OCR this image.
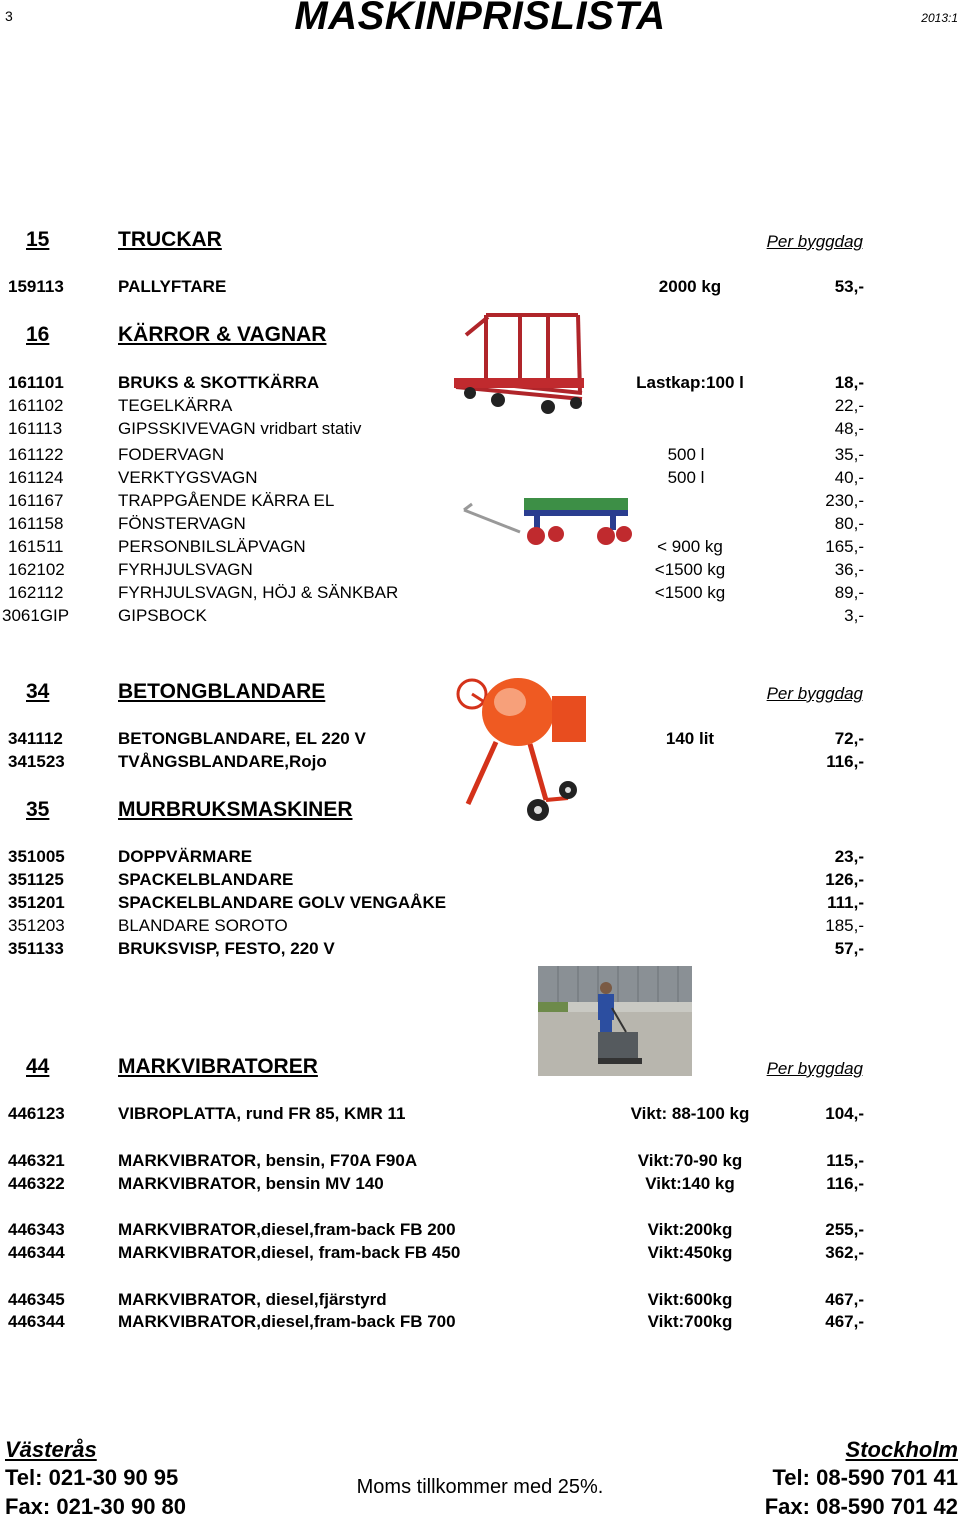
3	MASKINPRISLISTA	2013:1
15	TRUCKAR	Per byggdag
159113	PALLYFTARE	2000 kg	53,-
16	KÄRROR & VAGNAR
161101	BRUKS & SKOTTKÄRRA	Lastkap:100 l	18,-
161102	TEGELKÄRRA	22,-
161113	GIPSSKIVEVAGN vridbart stativ	48,-
161122	FODERVAGN	500 l	35,-
161124	VERKTYGSVAGN	500 l	40,-
161167	TRAPPGÅENDE KÄRRA EL	230,-
161158	FÖNSTERVAGN	80,-
161511	PERSONBILSLÄPVAGN	< 900 kg	165,-
162102	FYRHJULSVAGN	<1500 kg	36,-
162112	FYRHJULSVAGN, HÖJ & SÄNKBAR	<1500 kg	89,-
3061GIP	GIPSBOCK	3,-
34	BETONGBLANDARE	Per byggdag
341112	BETONGBLANDARE, EL 220 V	140 lit	72,-
341523	TVÅNGSBLANDARE,Rojo	116,-
35	MURBRUKSMASKINER
351005	DOPPVÄRMARE	23,-
351125	SPACKELBLANDARE	126,-
351201	SPACKELBLANDARE GOLV VENGAÅKE	111,-
351203	BLANDARE SOROTO	185,-
351133	BRUKSVISP, FESTO, 220 V	57,-
44	MARKVIBRATORER	Per byggdag
446123	VIBROPLATTA, rund FR 85, KMR 11	Vikt: 88-100 kg	104,-
446321	MARKVIBRATOR, bensin, F70A F90A	Vikt:70-90 kg	115,-
446322	MARKVIBRATOR, bensin MV 140	Vikt:140 kg	116,-
446343	MARKVIBRATOR,diesel,fram-back FB 200	Vikt:200kg	255,-
446344	MARKVIBRATOR,diesel, fram-back FB 450	Vikt:450kg	362,-
446345	MARKVIBRATOR, diesel,fjärstyrd	Vikt:600kg	467,-
446344	MARKVIBRATOR,diesel,fram-back FB 700	Vikt:700kg	467,-
Västerås
Tel: 021-30 90 95
Fax: 021-30 90 80
Moms tillkommer med 25%.
Stockholm
Tel: 08-590 701 41
Fax: 08-590 701 42
